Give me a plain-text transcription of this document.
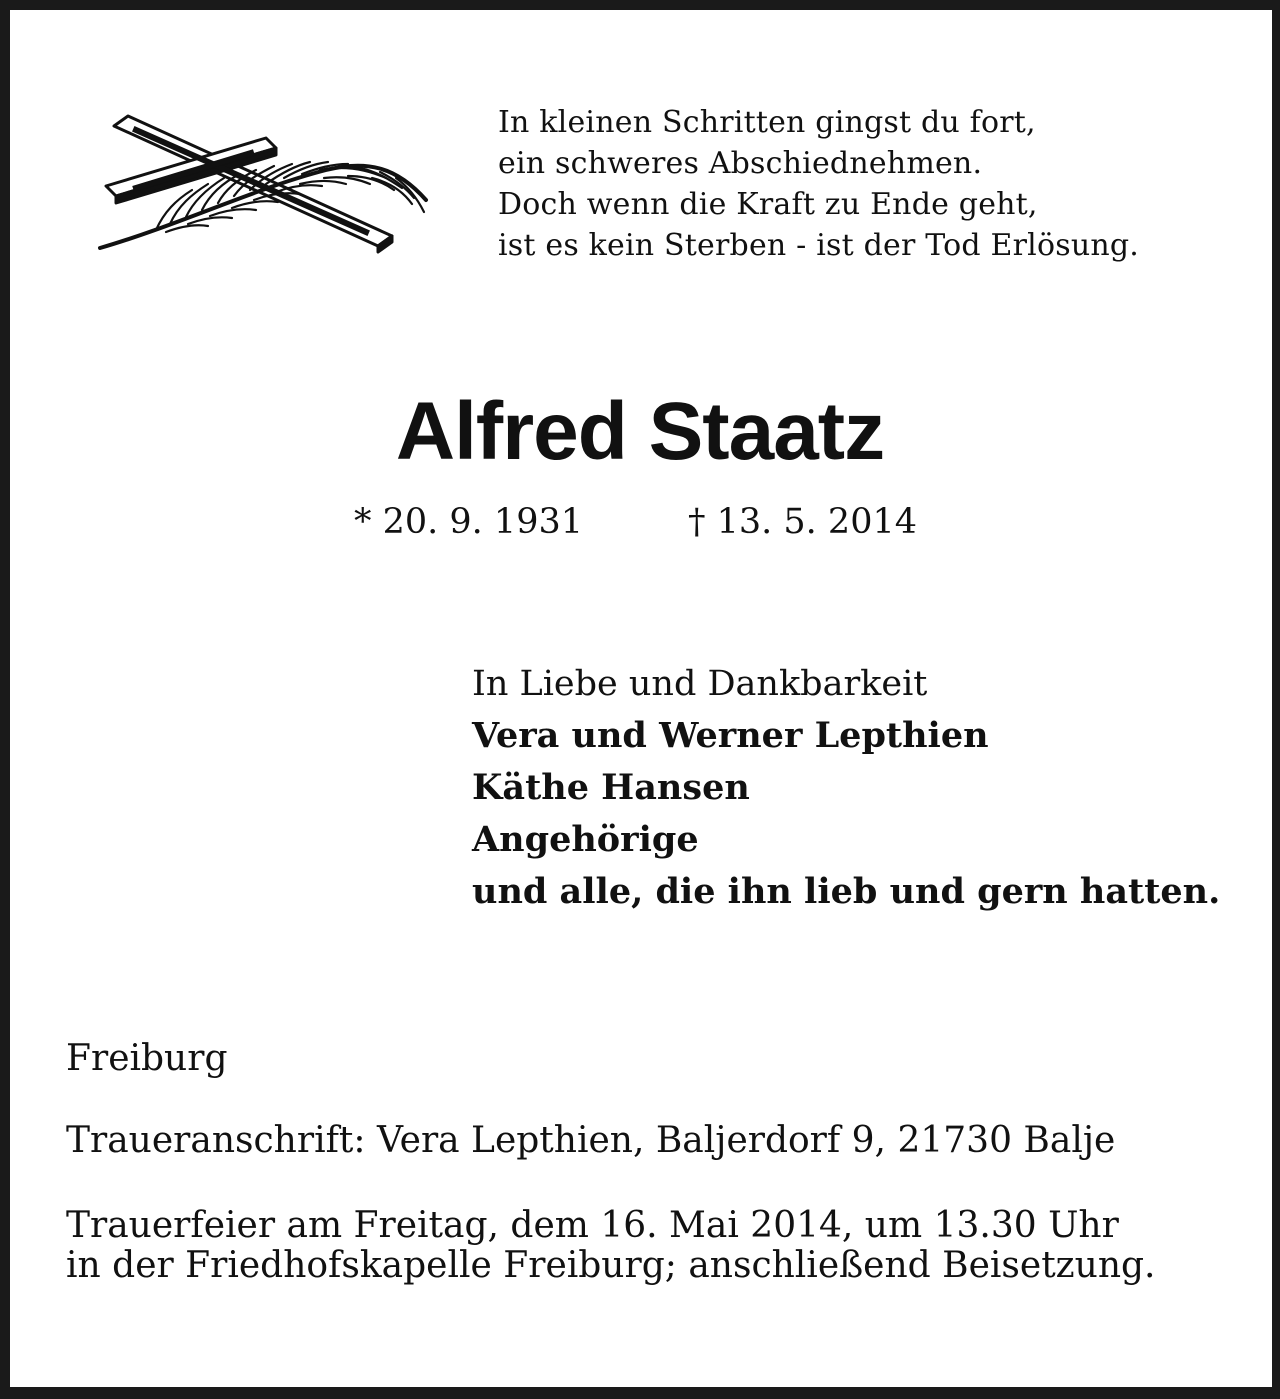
In kleinen Schritten gingst du fort,
ein schweres Abschiednehmen.
Doch wenn die Kraft zu Ende geht,
ist es kein Sterben - ist der Tod Erlösung.
Alfred Staatz
* 20. 9. 1931	† 13. 5. 2014
In Liebe und Dankbarkeit
Vera und Werner Lepthien
Käthe Hansen
Angehörige
und alle, die ihn lieb und gern hatten.
Freiburg
Traueranschrift: Vera Lepthien, Baljerdorf 9, 21730 Balje
Trauerfeier am Freitag, dem 16. Mai 2014, um 13.30 Uhr
in der Friedhofskapelle Freiburg; anschließend Beisetzung.
